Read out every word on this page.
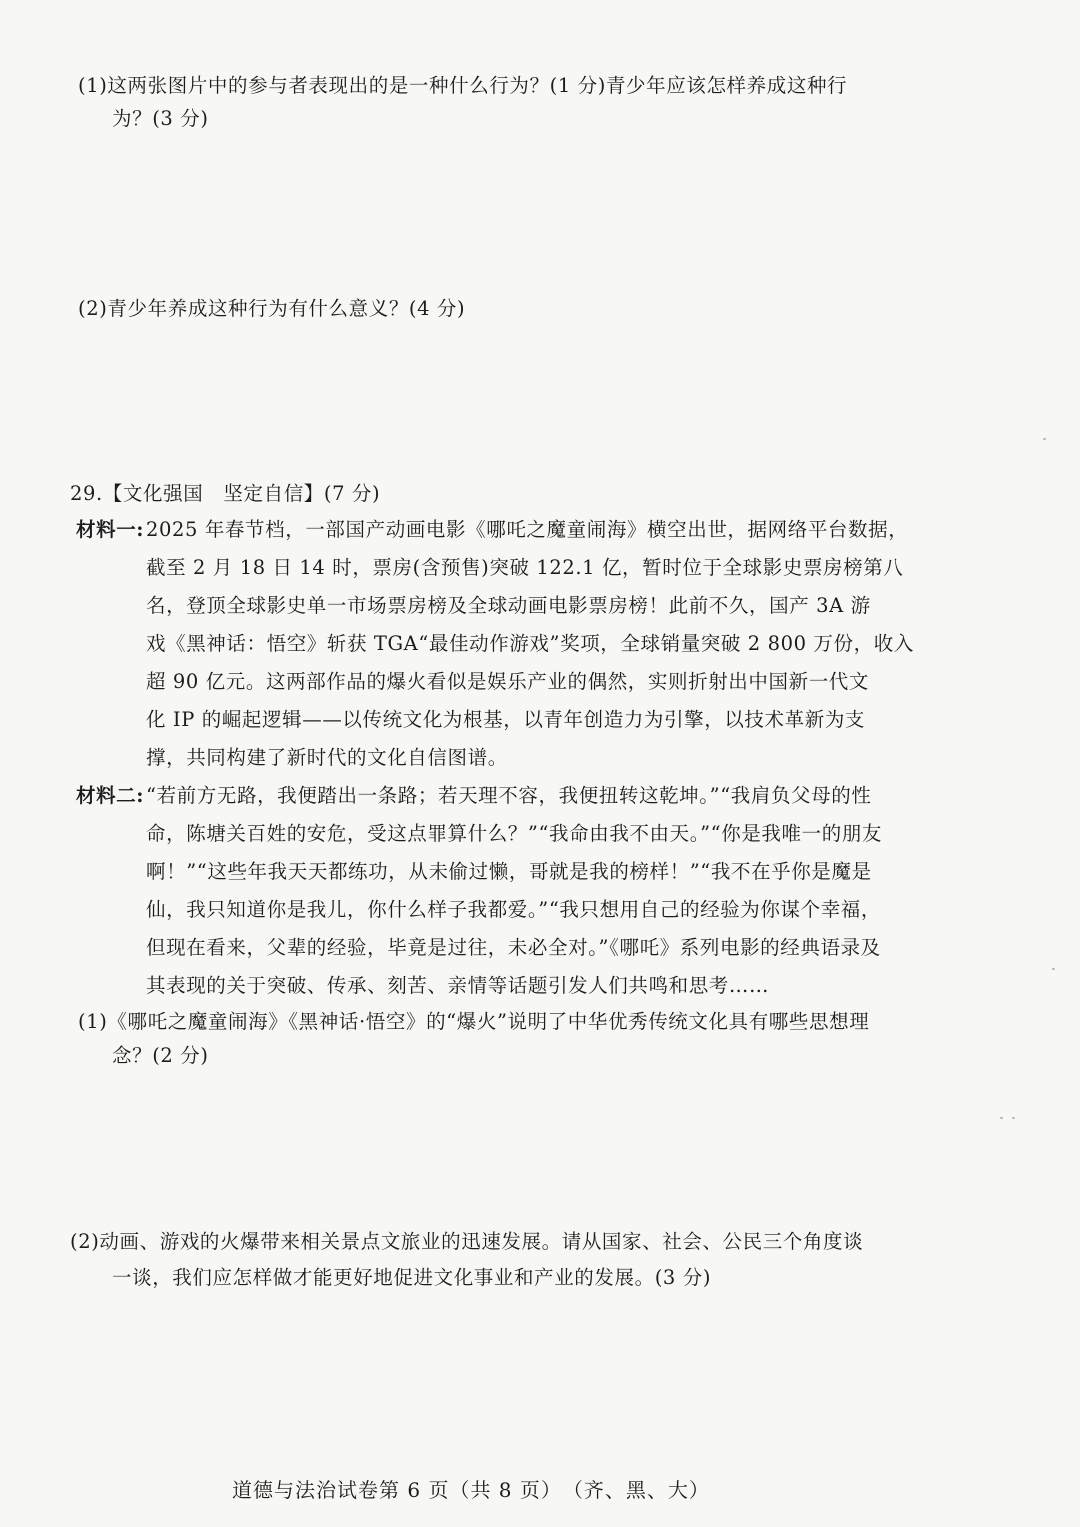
(1)这两张图片中的参与者表现出的是一种什么行为？(1 分)青少年应该怎样养成这种行
为？(3 分)
(2)青少年养成这种行为有什么意义？(4 分)
29.【文化强国　坚定自信】(7 分)
材料一: 2025 年春节档，一部国产动画电影《哪吒之魔童闹海》横空出世，据网络平台数据，
截至 2 月 18 日 14 时，票房(含预售)突破 122.1 亿，暂时位于全球影史票房榜第八
名，登顶全球影史单一市场票房榜及全球动画电影票房榜！此前不久，国产 3A 游
戏《黑神话：悟空》斩获 TGA“最佳动作游戏”奖项，全球销量突破 2 800 万份，收入
超 90 亿元。这两部作品的爆火看似是娱乐产业的偶然，实则折射出中国新一代文
化 IP 的崛起逻辑——以传统文化为根基，以青年创造力为引擎，以技术革新为支
撑，共同构建了新时代的文化自信图谱。
材料二: “若前方无路，我便踏出一条路；若天理不容，我便扭转这乾坤。”“我肩负父母的性
命，陈塘关百姓的安危，受这点罪算什么？”“我命由我不由天。”“你是我唯一的朋友
啊！”“这些年我天天都练功，从未偷过懒，哥就是我的榜样！”“我不在乎你是魔是
仙，我只知道你是我儿，你什么样子我都爱。”“我只想用自己的经验为你谋个幸福，
但现在看来，父辈的经验，毕竟是过往，未必全对。”《哪吒》系列电影的经典语录及
其表现的关于突破、传承、刻苦、亲情等话题引发人们共鸣和思考……
(1)《哪吒之魔童闹海》《黑神话·悟空》的“爆火”说明了中华优秀传统文化具有哪些思想理
念？(2 分)
(2)动画、游戏的火爆带来相关景点文旅业的迅速发展。请从国家、社会、公民三个角度谈
一谈，我们应怎样做才能更好地促进文化事业和产业的发展。(3 分)
道德与法治试卷第 6 页（共 8 页）　（齐、黑、大）
